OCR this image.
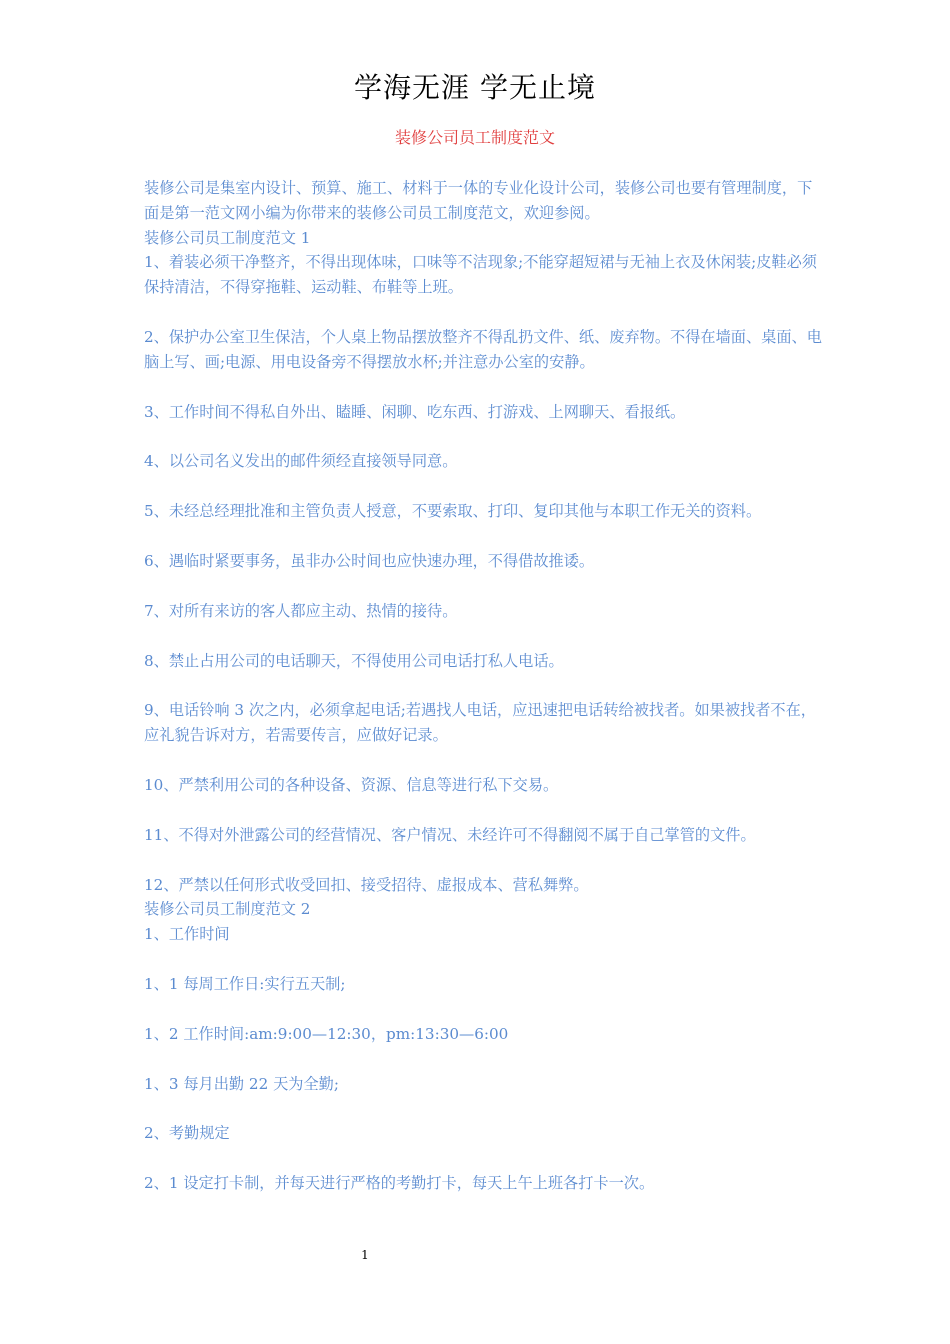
学海无涯 学无止境
装修公司员工制度范文

装修公司是集室内设计、预算、施工、材料于一体的专业化设计公司，装修公司也要有管理制度，下面是第一范文网小编为你带来的装修公司员工制度范文，欢迎参阅。

装修公司员工制度范文 1

1、着装必须干净整齐，不得出现体味，口味等不洁现象;不能穿超短裙与无袖上衣及休闲装;皮鞋必须保持清洁，不得穿拖鞋、运动鞋、布鞋等上班。

2、保护办公室卫生保洁，个人桌上物品摆放整齐不得乱扔文件、纸、废弃物。不得在墙面、桌面、电脑上写、画;电源、用电设备旁不得摆放水杯;并注意办公室的安静。

3、工作时间不得私自外出、瞌睡、闲聊、吃东西、打游戏、上网聊天、看报纸。

4、以公司名义发出的邮件须经直接领导同意。

5、未经总经理批准和主管负责人授意，不要索取、打印、复印其他与本职工作无关的资料。

6、遇临时紧要事务，虽非办公时间也应快速办理，不得借故推诿。

7、对所有来访的客人都应主动、热情的接待。

8、禁止占用公司的电话聊天，不得使用公司电话打私人电话。

9、电话铃响 3 次之内，必须拿起电话;若遇找人电话，应迅速把电话转给被找者。如果被找者不在，应礼貌告诉对方，若需要传言，应做好记录。

10、严禁利用公司的各种设备、资源、信息等进行私下交易。

11、不得对外泄露公司的经营情况、客户情况、未经许可不得翻阅不属于自己掌管的文件。

12、严禁以任何形式收受回扣、接受招待、虚报成本、营私舞弊。

装修公司员工制度范文 2

1、工作时间

1、1 每周工作日:实行五天制;

1、2 工作时间:am:9:00—12:30，pm:13:30—6:00

1、3 每月出勤 22 天为全勤;

2、考勤规定

2、1 设定打卡制，并每天进行严格的考勤打卡，每天上午上班各打卡一次。

1
